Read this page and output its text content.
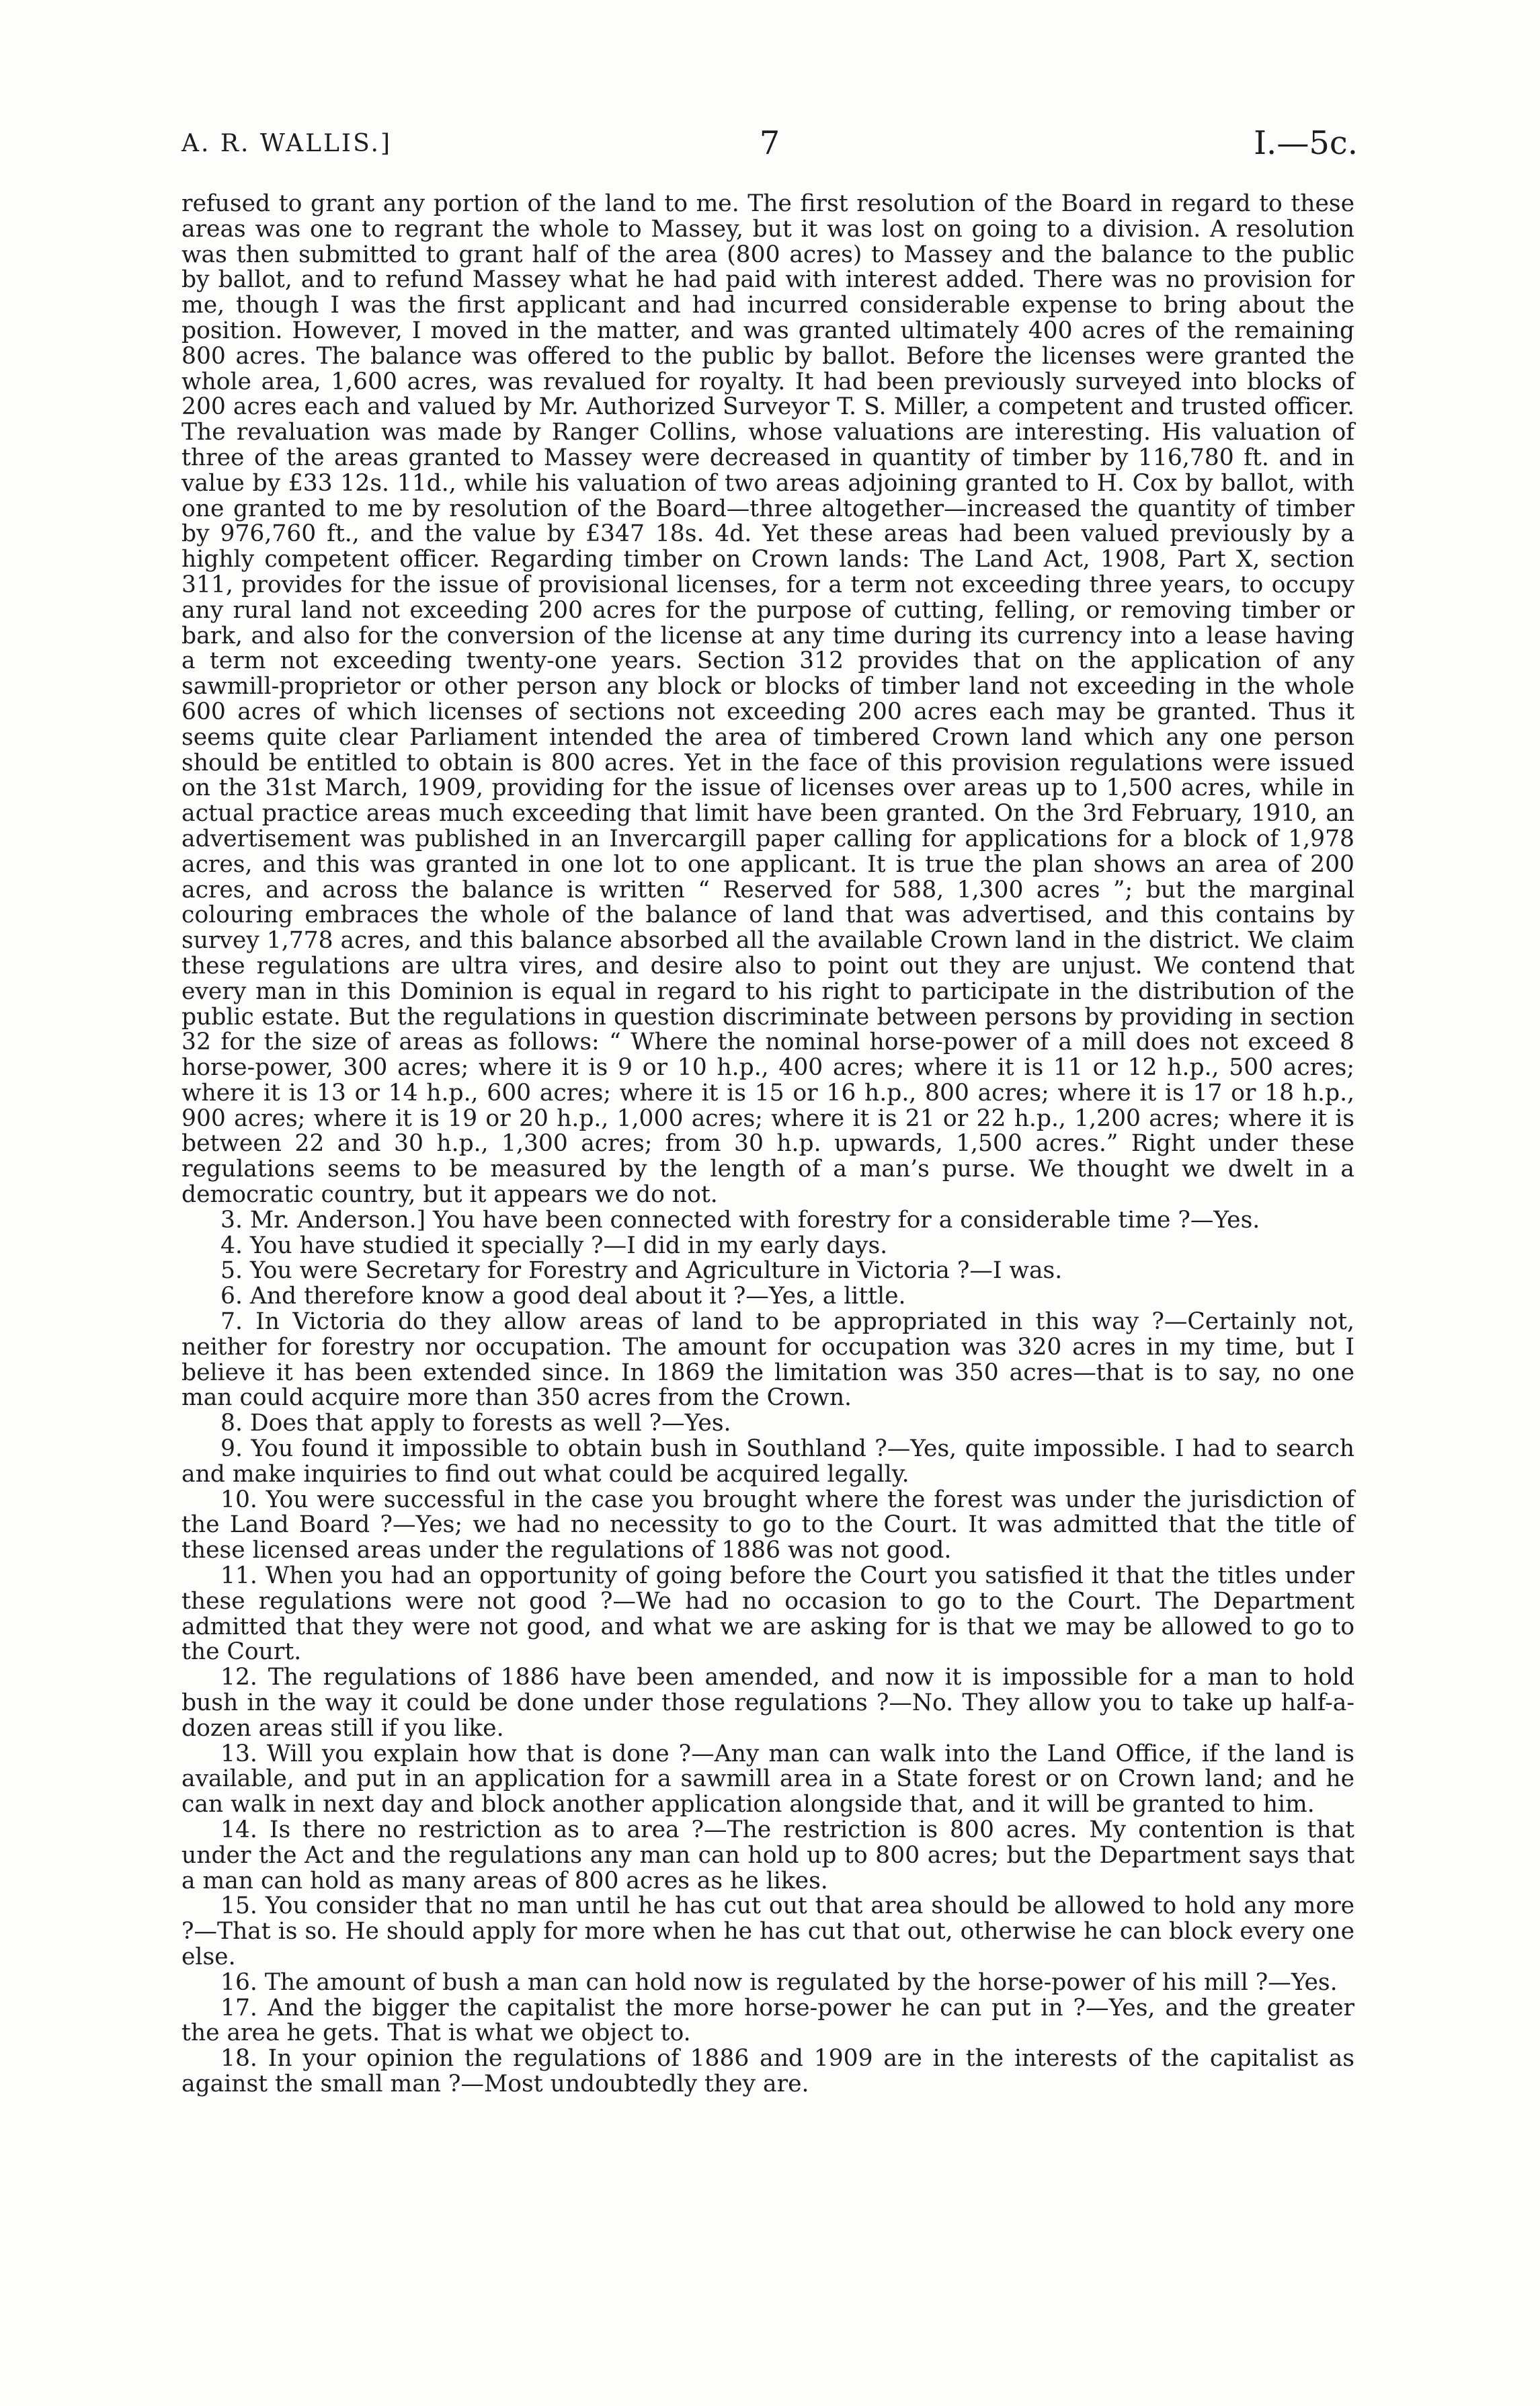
A. R. WALLIS.]	7	I.—5c.

refused to grant any portion of the land to me. The first resolution of the Board in regard to these areas was one to regrant the whole to Massey, but it was lost on going to a division. A resolution was then submitted to grant half of the area (800 acres) to Massey and the balance to the public by ballot, and to refund Massey what he had paid with interest added. There was no provision for me, though I was the first applicant and had incurred considerable expense to bring about the position. However, I moved in the matter, and was granted ultimately 400 acres of the remaining 800 acres. The balance was offered to the public by ballot. Before the licenses were granted the whole area, 1,600 acres, was revalued for royalty. It had been previously surveyed into blocks of 200 acres each and valued by Mr. Authorized Surveyor T. S. Miller, a competent and trusted officer. The revaluation was made by Ranger Collins, whose valuations are interesting. His valuation of three of the areas granted to Massey were decreased in quantity of timber by 116,780 ft. and in value by £33 12s. 11d., while his valuation of two areas adjoining granted to H. Cox by ballot, with one granted to me by resolution of the Board—three altogether—increased the quantity of timber by 976,760 ft., and the value by £347 18s. 4d. Yet these areas had been valued previously by a highly competent officer. Regarding timber on Crown lands: The Land Act, 1908, Part X, section 311, provides for the issue of provisional licenses, for a term not exceeding three years, to occupy any rural land not exceeding 200 acres for the purpose of cutting, felling, or removing timber or bark, and also for the conversion of the license at any time during its currency into a lease having a term not exceeding twenty-one years. Section 312 provides that on the application of any sawmill-proprietor or other person any block or blocks of timber land not exceeding in the whole 600 acres of which licenses of sections not exceeding 200 acres each may be granted. Thus it seems quite clear Parliament intended the area of timbered Crown land which any one person should be entitled to obtain is 800 acres. Yet in the face of this provision regulations were issued on the 31st March, 1909, providing for the issue of licenses over areas up to 1,500 acres, while in actual practice areas much exceeding that limit have been granted. On the 3rd February, 1910, an advertisement was published in an Invercargill paper calling for applications for a block of 1,978 acres, and this was granted in one lot to one applicant. It is true the plan shows an area of 200 acres, and across the balance is written “ Reserved for 588, 1,300 acres ”; but the marginal colouring embraces the whole of the balance of land that was advertised, and this contains by survey 1,778 acres, and this balance absorbed all the available Crown land in the district. We claim these regulations are ultra vires, and desire also to point out they are unjust. We contend that every man in this Dominion is equal in regard to his right to participate in the distribution of the public estate. But the regulations in question discriminate between persons by providing in section 32 for the size of areas as follows: “ Where the nominal horse-power of a mill does not exceed 8 horse-power, 300 acres; where it is 9 or 10 h.p., 400 acres; where it is 11 or 12 h.p., 500 acres; where it is 13 or 14 h.p., 600 acres; where it is 15 or 16 h.p., 800 acres; where it is 17 or 18 h.p., 900 acres; where it is 19 or 20 h.p., 1,000 acres; where it is 21 or 22 h.p., 1,200 acres; where it is between 22 and 30 h.p., 1,300 acres; from 30 h.p. upwards, 1,500 acres.” Right under these regulations seems to be measured by the length of a man’s purse. We thought we dwelt in a democratic country, but it appears we do not.

3. Mr. Anderson.] You have been connected with forestry for a considerable time ?—Yes.

4. You have studied it specially ?—I did in my early days.

5. You were Secretary for Forestry and Agriculture in Victoria ?—I was.

6. And therefore know a good deal about it ?—Yes, a little.

7. In Victoria do they allow areas of land to be appropriated in this way ?—Certainly not, neither for forestry nor occupation. The amount for occupation was 320 acres in my time, but I believe it has been extended since. In 1869 the limitation was 350 acres—that is to say, no one man could acquire more than 350 acres from the Crown.

8. Does that apply to forests as well ?—Yes.

9. You found it impossible to obtain bush in Southland ?—Yes, quite impossible. I had to search and make inquiries to find out what could be acquired legally.

10. You were successful in the case you brought where the forest was under the jurisdiction of the Land Board ?—Yes; we had no necessity to go to the Court. It was admitted that the title of these licensed areas under the regulations of 1886 was not good.

11. When you had an opportunity of going before the Court you satisfied it that the titles under these regulations were not good ?—We had no occasion to go to the Court. The Department admitted that they were not good, and what we are asking for is that we may be allowed to go to the Court.

12. The regulations of 1886 have been amended, and now it is impossible for a man to hold bush in the way it could be done under those regulations ?—No. They allow you to take up half-a-dozen areas still if you like.

13. Will you explain how that is done ?—Any man can walk into the Land Office, if the land is available, and put in an application for a sawmill area in a State forest or on Crown land; and he can walk in next day and block another application alongside that, and it will be granted to him.

14. Is there no restriction as to area ?—The restriction is 800 acres. My contention is that under the Act and the regulations any man can hold up to 800 acres; but the Department says that a man can hold as many areas of 800 acres as he likes.

15. You consider that no man until he has cut out that area should be allowed to hold any more ?—That is so. He should apply for more when he has cut that out, otherwise he can block every one else.

16. The amount of bush a man can hold now is regulated by the horse-power of his mill ?—Yes.

17. And the bigger the capitalist the more horse-power he can put in ?—Yes, and the greater the area he gets. That is what we object to.

18. In your opinion the regulations of 1886 and 1909 are in the interests of the capitalist as against the small man ?—Most undoubtedly they are.
